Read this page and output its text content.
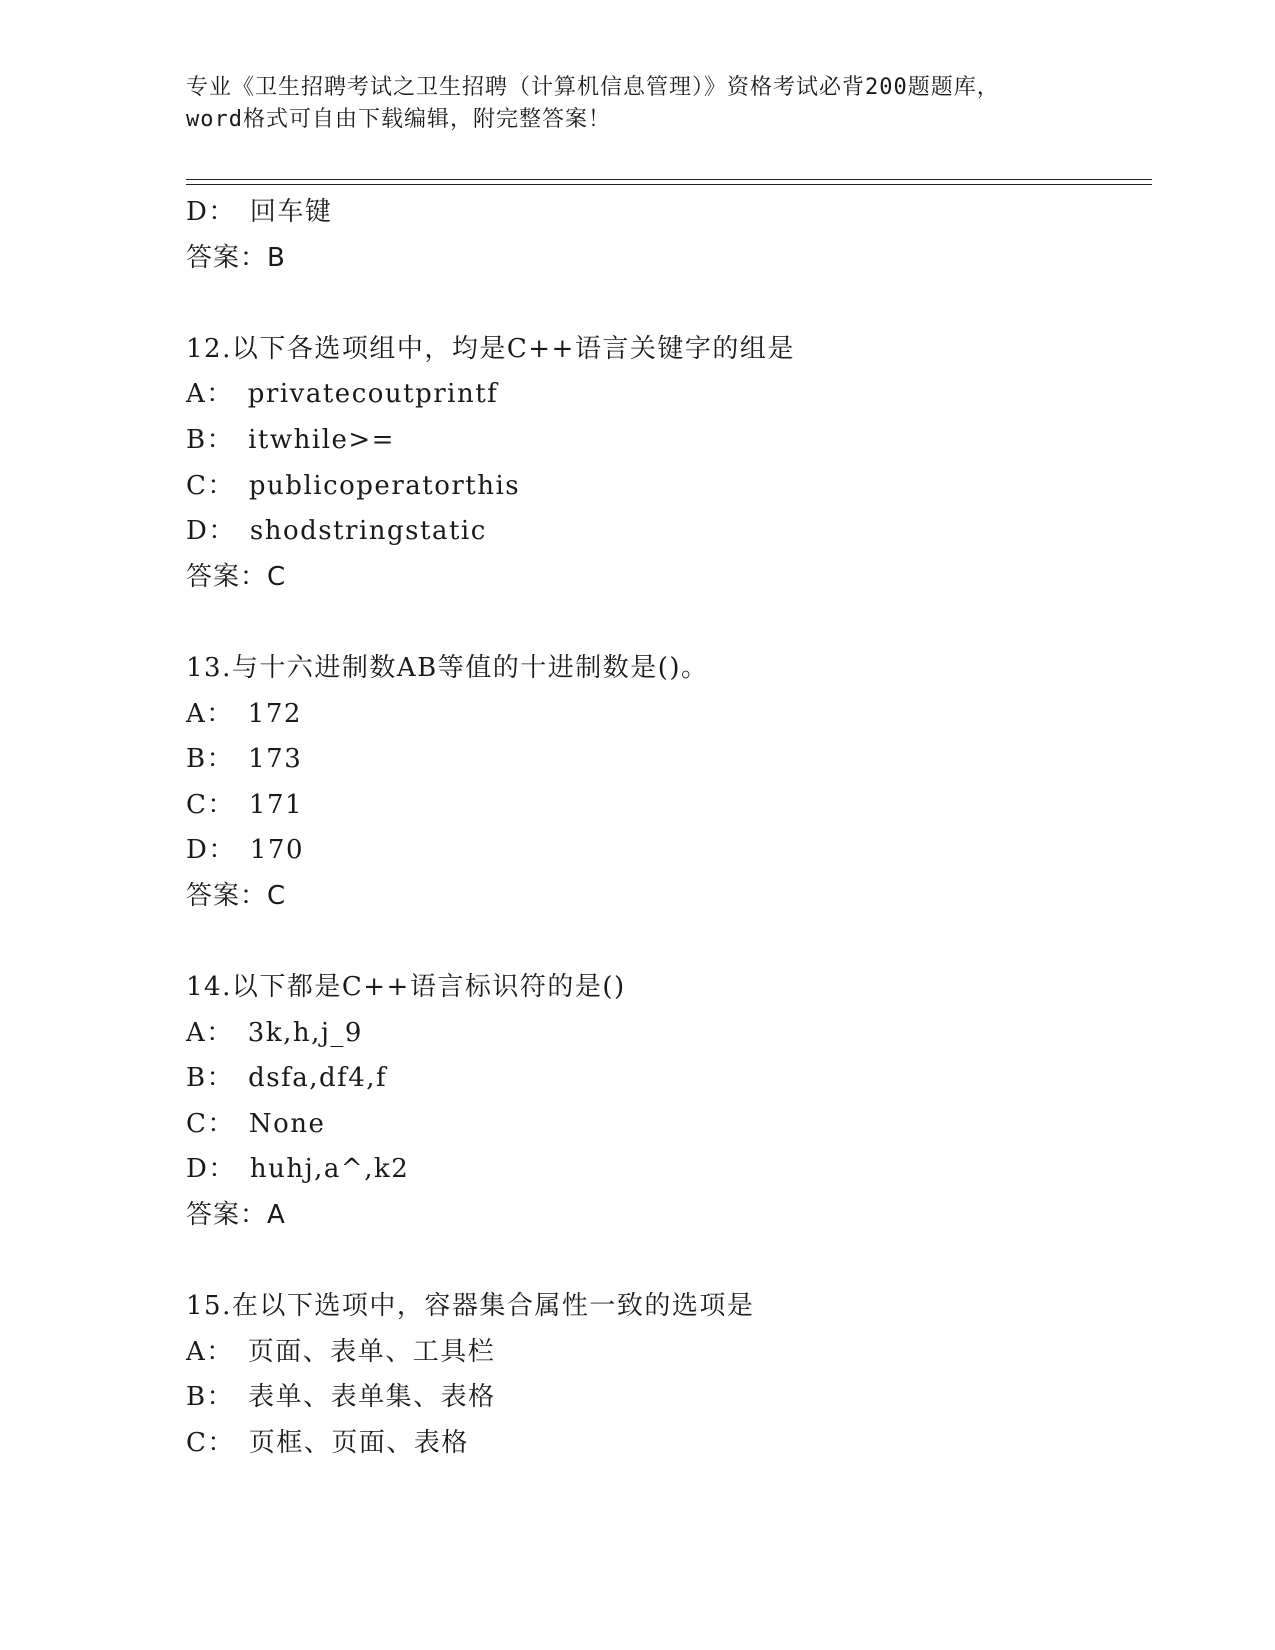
专业《卫生招聘考试之卫生招聘（计算机信息管理）》资格考试必背200题题库，
word格式可自由下载编辑，附完整答案！
D： 回车键
答案：B
12.以下各选项组中，均是C++语言关键字的组是
A： privatecoutprintf
B： itwhile>=
C： publicoperatorthis
D： shodstringstatic
答案：C
13.与十六进制数AB等值的十进制数是()。
A： 172
B： 173
C： 171
D： 170
答案：C
14.以下都是C++语言标识符的是()
A： 3k,h,j_9
B： dsfa,df4,f
C： None
D： huhj,a^,k2
答案：A
15.在以下选项中，容器集合属性一致的选项是
A： 页面、表单、工具栏
B： 表单、表单集、表格
C： 页框、页面、表格
